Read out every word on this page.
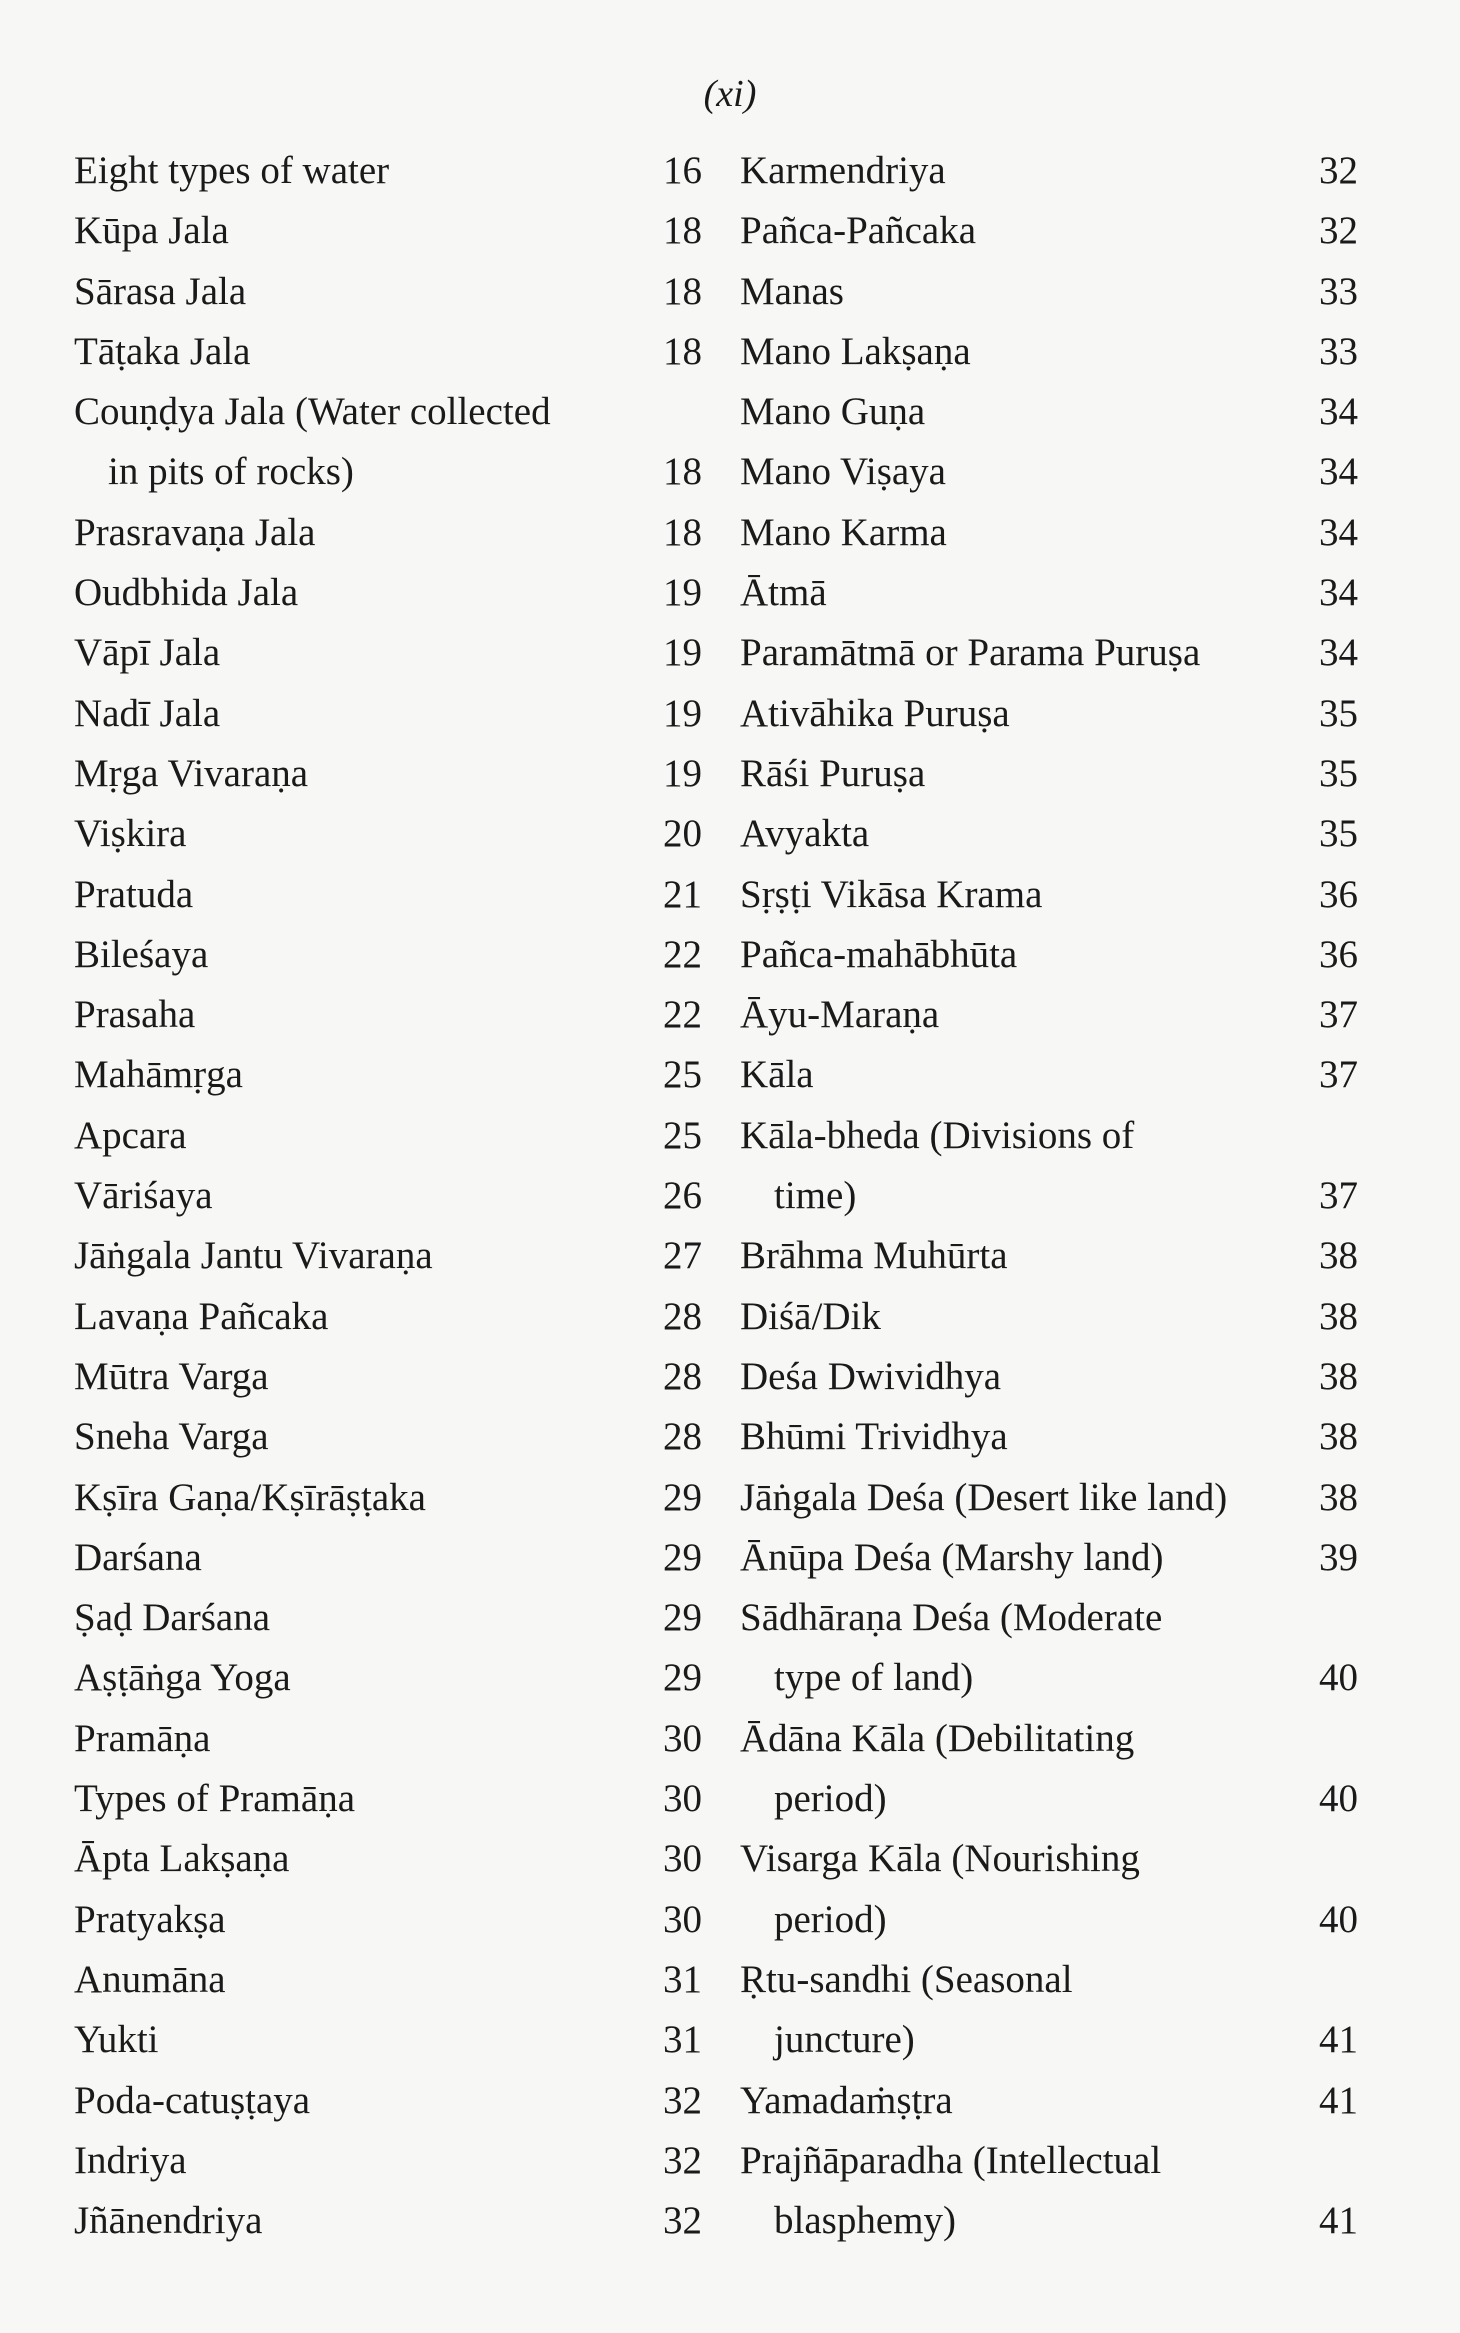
(xi)
Eight types of water	16
Kūpa Jala	18
Sārasa Jala	18
Tāṭaka Jala	18
Couṇḍya Jala (Water collected
in pits of rocks)	18
Prasravaṇa Jala	18
Oudbhida Jala	19
Vāpī Jala	19
Nadī Jala	19
Mṛga Vivaraṇa	19
Viṣkira	20
Pratuda	21
Bileśaya	22
Prasaha	22
Mahāmṛga	25
Apcara	25
Vāriśaya	26
Jāṅgala Jantu Vivaraṇa	27
Lavaṇa Pañcaka	28
Mūtra Varga	28
Sneha Varga	28
Kṣīra Gaṇa/Kṣīrāṣṭaka	29
Darśana	29
Ṣaḍ Darśana	29
Aṣṭāṅga Yoga	29
Pramāṇa	30
Types of Pramāṇa	30
Āpta Lakṣaṇa	30
Pratyakṣa	30
Anumāna	31
Yukti	31
Poda-catuṣṭaya	32
Indriya	32
Jñānendriya	32
Karmendriya	32
Pañca-Pañcaka	32
Manas	33
Mano Lakṣaṇa	33
Mano Guṇa	34
Mano Viṣaya	34
Mano Karma	34
Ātmā	34
Paramātmā or Parama Puruṣa	34
Ativāhika Puruṣa	35
Rāśi Puruṣa	35
Avyakta	35
Sṛṣṭi Vikāsa Krama	36
Pañca-mahābhūta	36
Āyu-Maraṇa	37
Kāla	37
Kāla-bheda (Divisions of
time)	37
Brāhma Muhūrta	38
Diśā/Dik	38
Deśa Dwividhya	38
Bhūmi Trividhya	38
Jāṅgala Deśa (Desert like land)	38
Ānūpa Deśa (Marshy land)	39
Sādhāraṇa Deśa (Moderate
type of land)	40
Ādāna Kāla (Debilitating
period)	40
Visarga Kāla (Nourishing
period)	40
Ṛtu-sandhi (Seasonal
juncture)	41
Yamadaṁṣṭra	41
Prajñāparadha (Intellectual
blasphemy)	41
